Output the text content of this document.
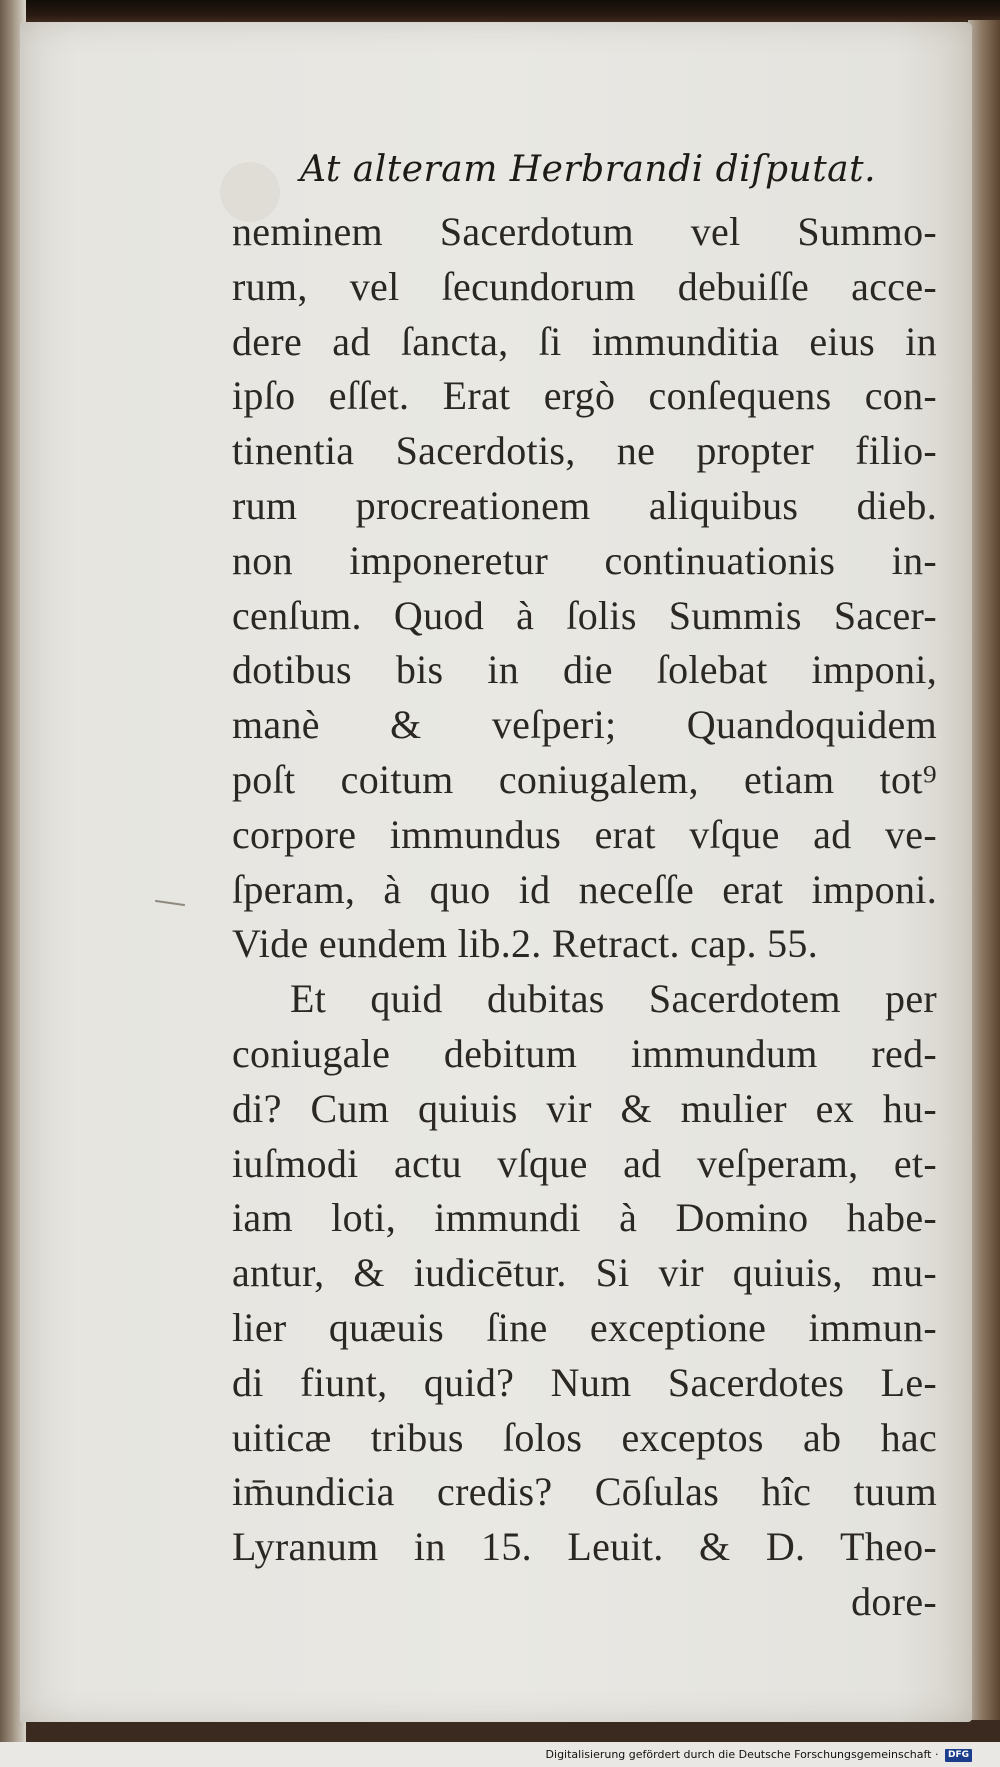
At alteram Herbrandi diſputat.
neminem Sacerdotum vel Summo-
rum, vel ſecundorum debuiſſe acce-
dere ad ſancta, ſi immunditia eius in
ipſo eſſet. Erat ergò conſequens con-
tinentia Sacerdotis, ne propter filio-
rum procreationem aliquibus dieb.
non imponeretur continuationis in-
cenſum. Quod à ſolis Summis Sacer-
dotibus bis in die ſolebat imponi,
manè & veſperi; Quandoquidem
poſt coitum coniugalem, etiam tot⁹
corpore immundus erat vſque ad ve-
ſperam, à quo id neceſſe erat imponi.
Vide eundem lib.2. Retract. cap. 55.
Et quid dubitas Sacerdotem per
coniugale debitum immundum red-
di? Cum quiuis vir & mulier ex hu-
iuſmodi actu vſque ad veſperam, et-
iam loti, immundi à Domino habe-
antur, & iudicētur. Si vir quiuis, mu-
lier quæuis ſine exceptione immun-
di fiunt, quid? Num Sacerdotes Le-
uiticæ tribus ſolos exceptos ab hac
im̄undicia credis? Cōſulas hîc tuum
Lyranum in 15. Leuit. & D. Theo-
dore-
Digitalisierung gefördert durch die Deutsche Forschungsgemeinschaft · DFG
